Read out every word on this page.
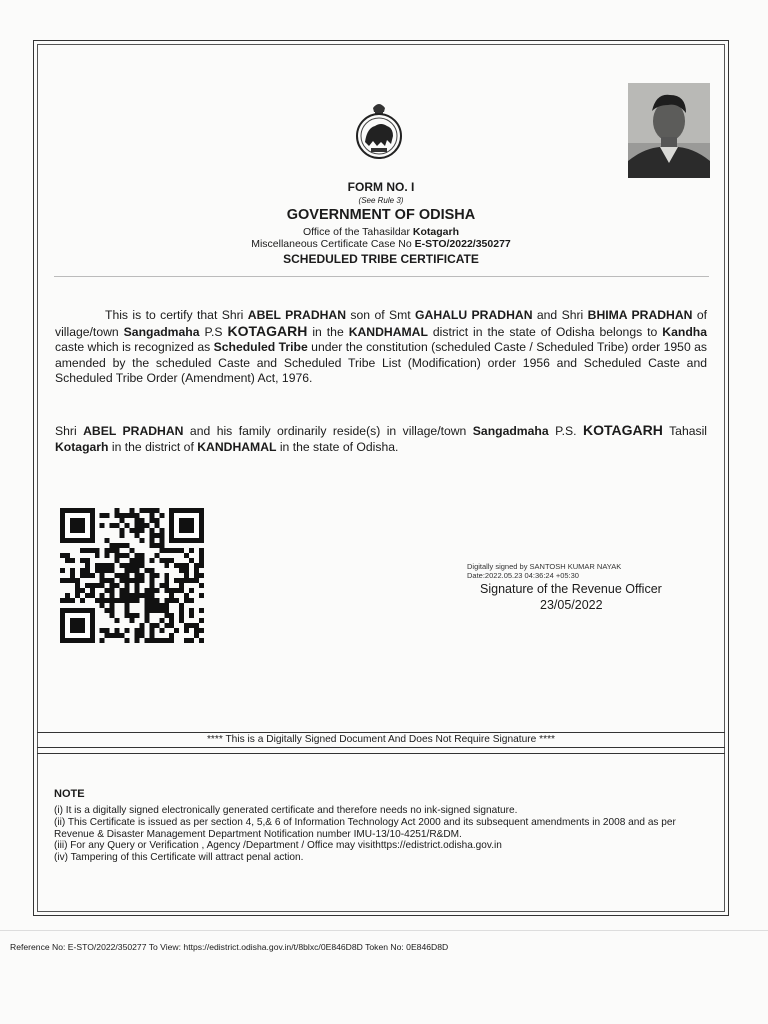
FORM NO. I
(See Rule 3)
GOVERNMENT OF ODISHA
Office of the Tahasildar Kotagarh
Miscellaneous Certificate Case No E-STO/2022/350277
SCHEDULED TRIBE CERTIFICATE
This is to certify that Shri ABEL PRADHAN son of Smt GAHALU PRADHAN and Shri BHIMA PRADHAN of village/town Sangadmaha P.S KOTAGARH in the KANDHAMAL district in the state of Odisha belongs to Kandha caste which is recognized as Scheduled Tribe under the constitution (scheduled Caste / Scheduled Tribe) order 1950 as amended by the scheduled Caste and Scheduled Tribe List (Modification) order 1956 and Scheduled Caste and Scheduled Tribe Order (Amendment) Act, 1976.
Shri ABEL PRADHAN and his family ordinarily reside(s) in village/town Sangadmaha P.S. KOTAGARH Tahasil Kotagarh in the district of KANDHAMAL in the state of Odisha.
Digitally signed by SANTOSH KUMAR NAYAK
Date:2022.05.23 04:36:24 +05:30
Signature of the Revenue Officer
23/05/2022
**** This is a Digitally Signed Document And Does Not Require Signature ****
NOTE
(i) It is a digitally signed electronically generated certificate and therefore needs no ink-signed signature.
(ii) This Certificate is issued as per section 4, 5,& 6 of Information Technology Act 2000 and its subsequent amendments in 2008 and as per Revenue & Disaster Management Department Notification number IMU-13/10-4251/R&DM.
(iii) For any Query or Verification , Agency /Department / Office may visithttps://edistrict.odisha.gov.in
(iv) Tampering of this Certificate will attract penal action.
Reference No: E-STO/2022/350277 To View: https://edistrict.odisha.gov.in/t/8blxc/0E846D8D Token No: 0E846D8D
